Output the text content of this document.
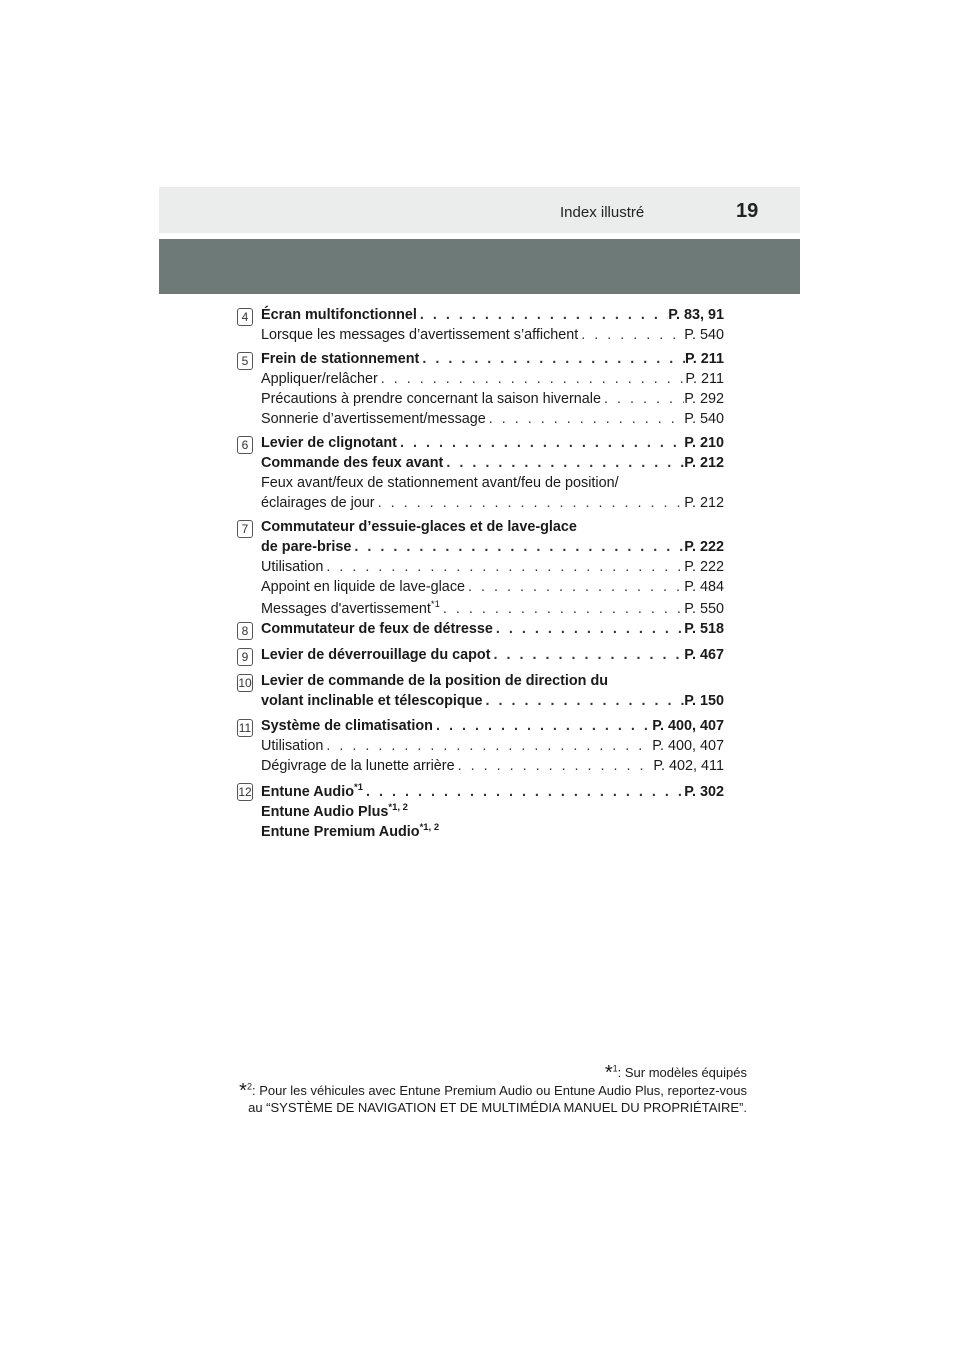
Index illustré	19
4 Écran multifonctionnel . . .	P. 83, 91
Lorsque les messages d’avertissement s’affichent . . .	P. 540
5 Frein de stationnement . . .	P. 211
Appliquer/relâcher . . .	P. 211
Précautions à prendre concernant la saison hivernale . . .	P. 292
Sonnerie d’avertissement/message . . .	P. 540
6 Levier de clignotant . . .	P. 210
Commande des feux avant . . .	P. 212
Feux avant/feux de stationnement avant/feu de position/
éclairages de jour . . .	P. 212
7 Commutateur d’essuie-glaces et de lave-glace
de pare-brise . . .	P. 222
Utilisation . . .	P. 222
Appoint en liquide de lave-glace . . .	P. 484
Messages d'avertissement$^{*1}$ . . .	P. 550
8 Commutateur de feux de détresse . . .	P. 518
9 Levier de déverrouillage du capot . . .	P. 467
10 Levier de commande de la position de direction du
volant inclinable et télescopique . . .	P. 150
11 Système de climatisation . . .	P. 400, 407
Utilisation . . .	P. 400, 407
Dégivrage de la lunette arrière . . .	P. 402, 411
12 Entune Audio$^{*1}$ . . .	P. 302
Entune Audio Plus$^{*1, 2}$
Entune Premium Audio$^{*1, 2}$
*$^1$: Sur modèles équipés
*$^2$: Pour les véhicules avec Entune Premium Audio ou Entune Audio Plus, reportez-vous
au “SYSTÈME DE NAVIGATION ET DE MULTIMÉDIA MANUEL DU PROPRIÉTAIRE”.
